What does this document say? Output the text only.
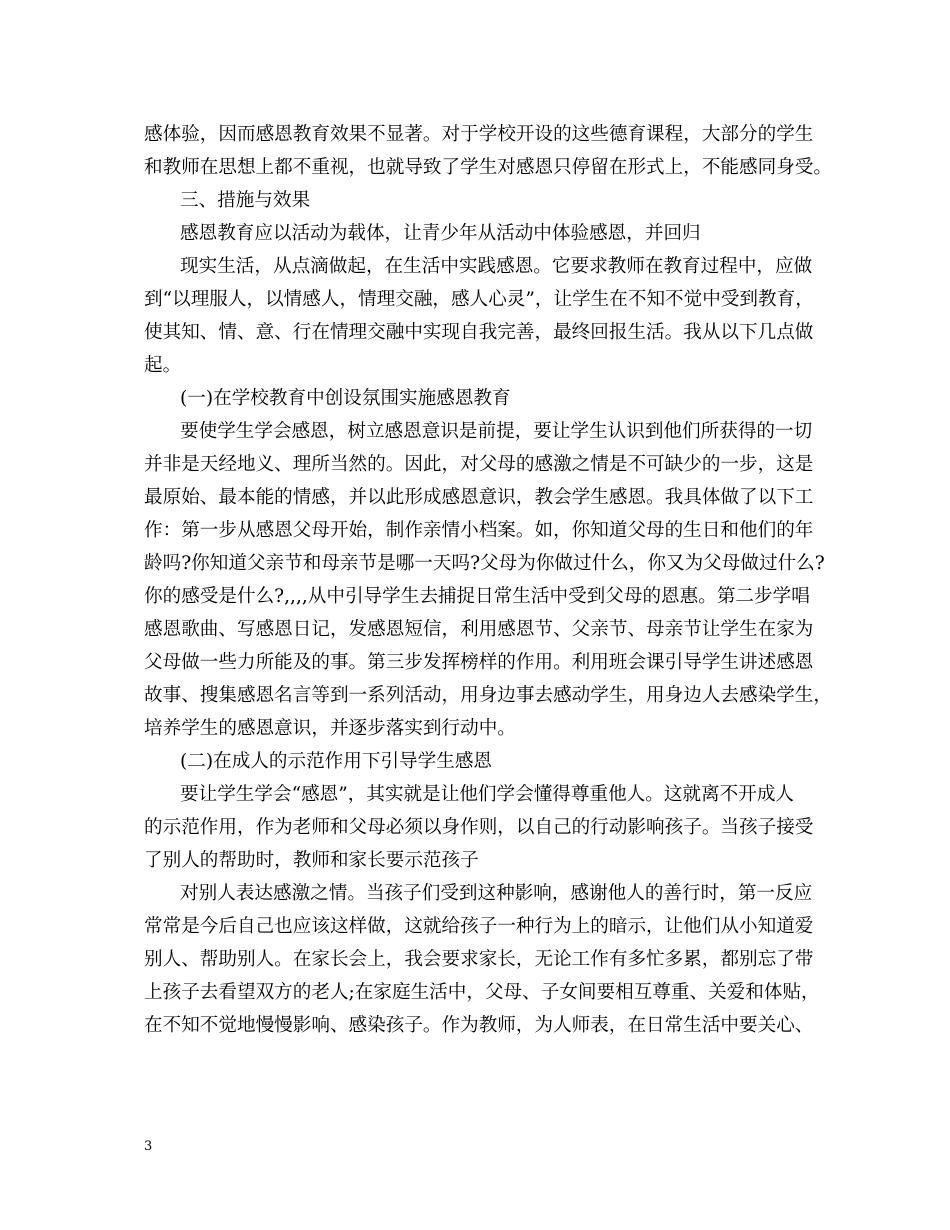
感体验，因而感恩教育效果不显著。对于学校开设的这些德育课程，大部分的学生
和教师在思想上都不重视，也就导致了学生对感恩只停留在形式上，不能感同身受。
三、措施与效果
感恩教育应以活动为载体，让青少年从活动中体验感恩，并回归
现实生活，从点滴做起，在生活中实践感恩。它要求教师在教育过程中，应做
到“以理服人，以情感人，情理交融，感人心灵”，让学生在不知不觉中受到教育，
使其知、情、意、行在情理交融中实现自我完善，最终回报生活。我从以下几点做
起。
(一)在学校教育中创设氛围实施感恩教育
要使学生学会感恩，树立感恩意识是前提，要让学生认识到他们所获得的一切
并非是天经地义、理所当然的。因此，对父母的感激之情是不可缺少的一步，这是
最原始、最本能的情感，并以此形成感恩意识，教会学生感恩。我具体做了以下工
作：第一步从感恩父母开始，制作亲情小档案。如，你知道父母的生日和他们的年
龄吗?你知道父亲节和母亲节是哪一天吗?父母为你做过什么，你又为父母做过什么?
你的感受是什么?,,,,从中引导学生去捕捉日常生活中受到父母的恩惠。第二步学唱
感恩歌曲、写感恩日记，发感恩短信，利用感恩节、父亲节、母亲节让学生在家为
父母做一些力所能及的事。第三步发挥榜样的作用。利用班会课引导学生讲述感恩
故事、搜集感恩名言等到一系列活动，用身边事去感动学生，用身边人去感染学生，
培养学生的感恩意识，并逐步落实到行动中。
(二)在成人的示范作用下引导学生感恩
要让学生学会“感恩”，其实就是让他们学会懂得尊重他人。这就离不开成人
的示范作用，作为老师和父母必须以身作则，以自己的行动影响孩子。当孩子接受
了别人的帮助时，教师和家长要示范孩子
对别人表达感激之情。当孩子们受到这种影响，感谢他人的善行时，第一反应
常常是今后自己也应该这样做，这就给孩子一种行为上的暗示，让他们从小知道爱
别人、帮助别人。在家长会上，我会要求家长，无论工作有多忙多累，都别忘了带
上孩子去看望双方的老人;在家庭生活中，父母、子女间要相互尊重、关爱和体贴，
在不知不觉地慢慢影响、感染孩子。作为教师，为人师表，在日常生活中要关心、
3
